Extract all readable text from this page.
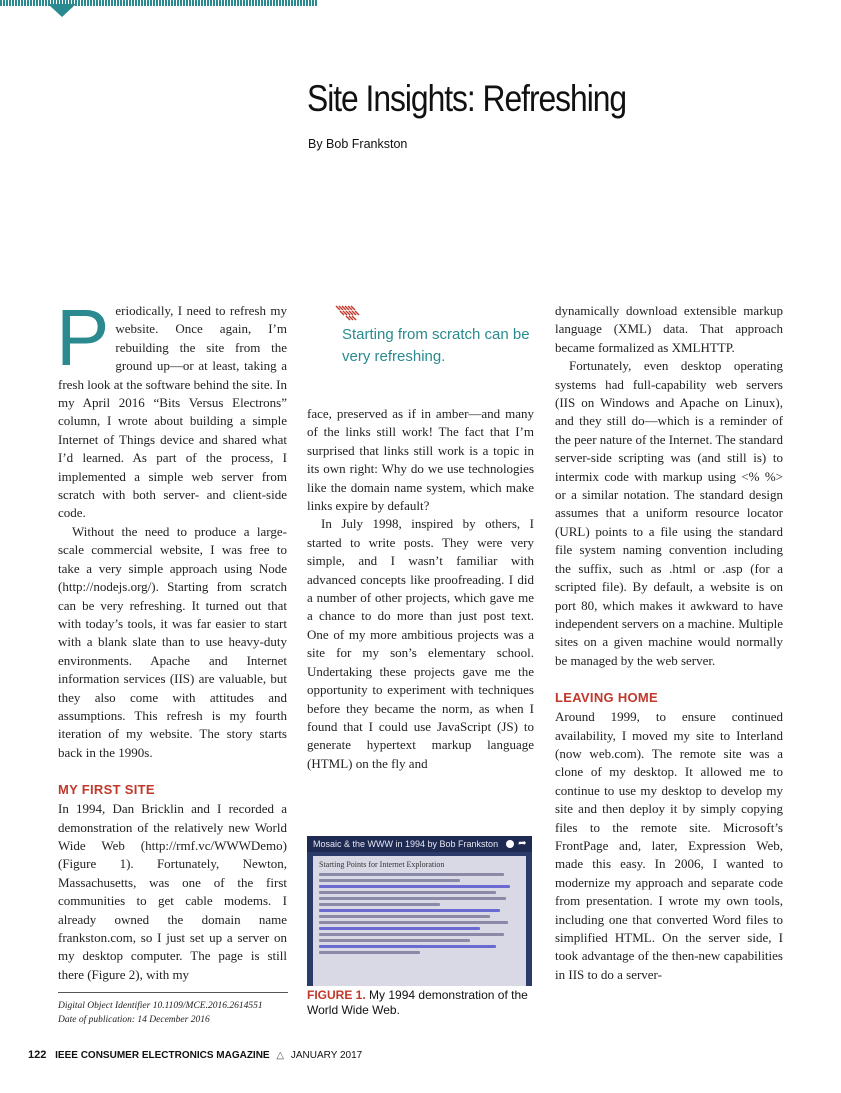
Site Insights: Refreshing
By Bob Frankston

Periodically, I need to refresh my website. Once again, I’m rebuilding the site from the ground up—or at least, taking a fresh look at the software behind the site. In my April 2016 “Bits Versus Electrons” column, I wrote about building a simple Internet of Things device and shared what I’d learned. As part of the process, I implemented a simple web server from scratch with both server- and client-side code.

Without the need to produce a large-scale commercial website, I was free to take a very simple approach using Node (http://nodejs.org/). Starting from scratch can be very refreshing. It turned out that with today’s tools, it was far easier to start with a blank slate than to use heavy-duty environments. Apache and Internet information services (IIS) are valuable, but they also come with attitudes and assumptions. This refresh is my fourth iteration of my website. The story starts back in the 1990s.

MY FIRST SITE

In 1994, Dan Bricklin and I recorded a demonstration of the relatively new World Wide Web (http://rmf.vc/WWWDemo) (Figure 1). Fortunately, Newton, Massachusetts, was one of the first communities to get cable modems. I already owned the domain name frankston.com, so I just set up a server on my desktop computer. The page is still there (Figure 2), with my

Starting from scratch can be very refreshing.

face, preserved as if in amber—and many of the links still work! The fact that I’m surprised that links still work is a topic in its own right: Why do we use technologies like the domain name system, which make links expire by default?

In July 1998, inspired by others, I started to write posts. They were very simple, and I wasn’t familiar with advanced concepts like proofreading. I did a number of other projects, which gave me a chance to do more than just post text. One of my more ambitious projects was a site for my son’s elementary school. Undertaking these projects gave me the opportunity to experiment with techniques before they became the norm, as when I found that I could use JavaScript (JS) to generate hypertext markup language (HTML) on the fly and

Mosaic & the WWW in 1994 by Bob Frankston ➦
Starting Points for Internet Exploration
FIGURE 1. My 1994 demonstration of the World Wide Web.

dynamically download extensible markup language (XML) data. That approach became formalized as XMLHTTP.

Fortunately, even desktop operating systems had full-capability web servers (IIS on Windows and Apache on Linux), and they still do—which is a reminder of the peer nature of the Internet. The standard server-side scripting was (and still is) to intermix code with markup using <% %> or a similar notation. The standard design assumes that a uniform resource locator (URL) points to a file using the standard file system naming convention including the suffix, such as .html or .asp (for a scripted file). By default, a website is on port 80, which makes it awkward to have independent servers on a machine. Multiple sites on a given machine would normally be managed by the web server.

LEAVING HOME

Around 1999, to ensure continued availability, I moved my site to Interland (now web.com). The remote site was a clone of my desktop. It allowed me to continue to use my desktop to develop my site and then deploy it by simply copying files to the remote site. Microsoft’s FrontPage and, later, Expression Web, made this easy. In 2006, I wanted to modernize my approach and separate code from presentation. I wrote my own tools, including one that converted Word files to simplified HTML. On the server side, I took advantage of the then-new capabilities in IIS to do a server-

Digital Object Identifier 10.1109/MCE.2016.2614551
Date of publication: 14 December 2016
122 IEEE CONSUMER ELECTRONICS MAGAZINE △ JANUARY 2017
